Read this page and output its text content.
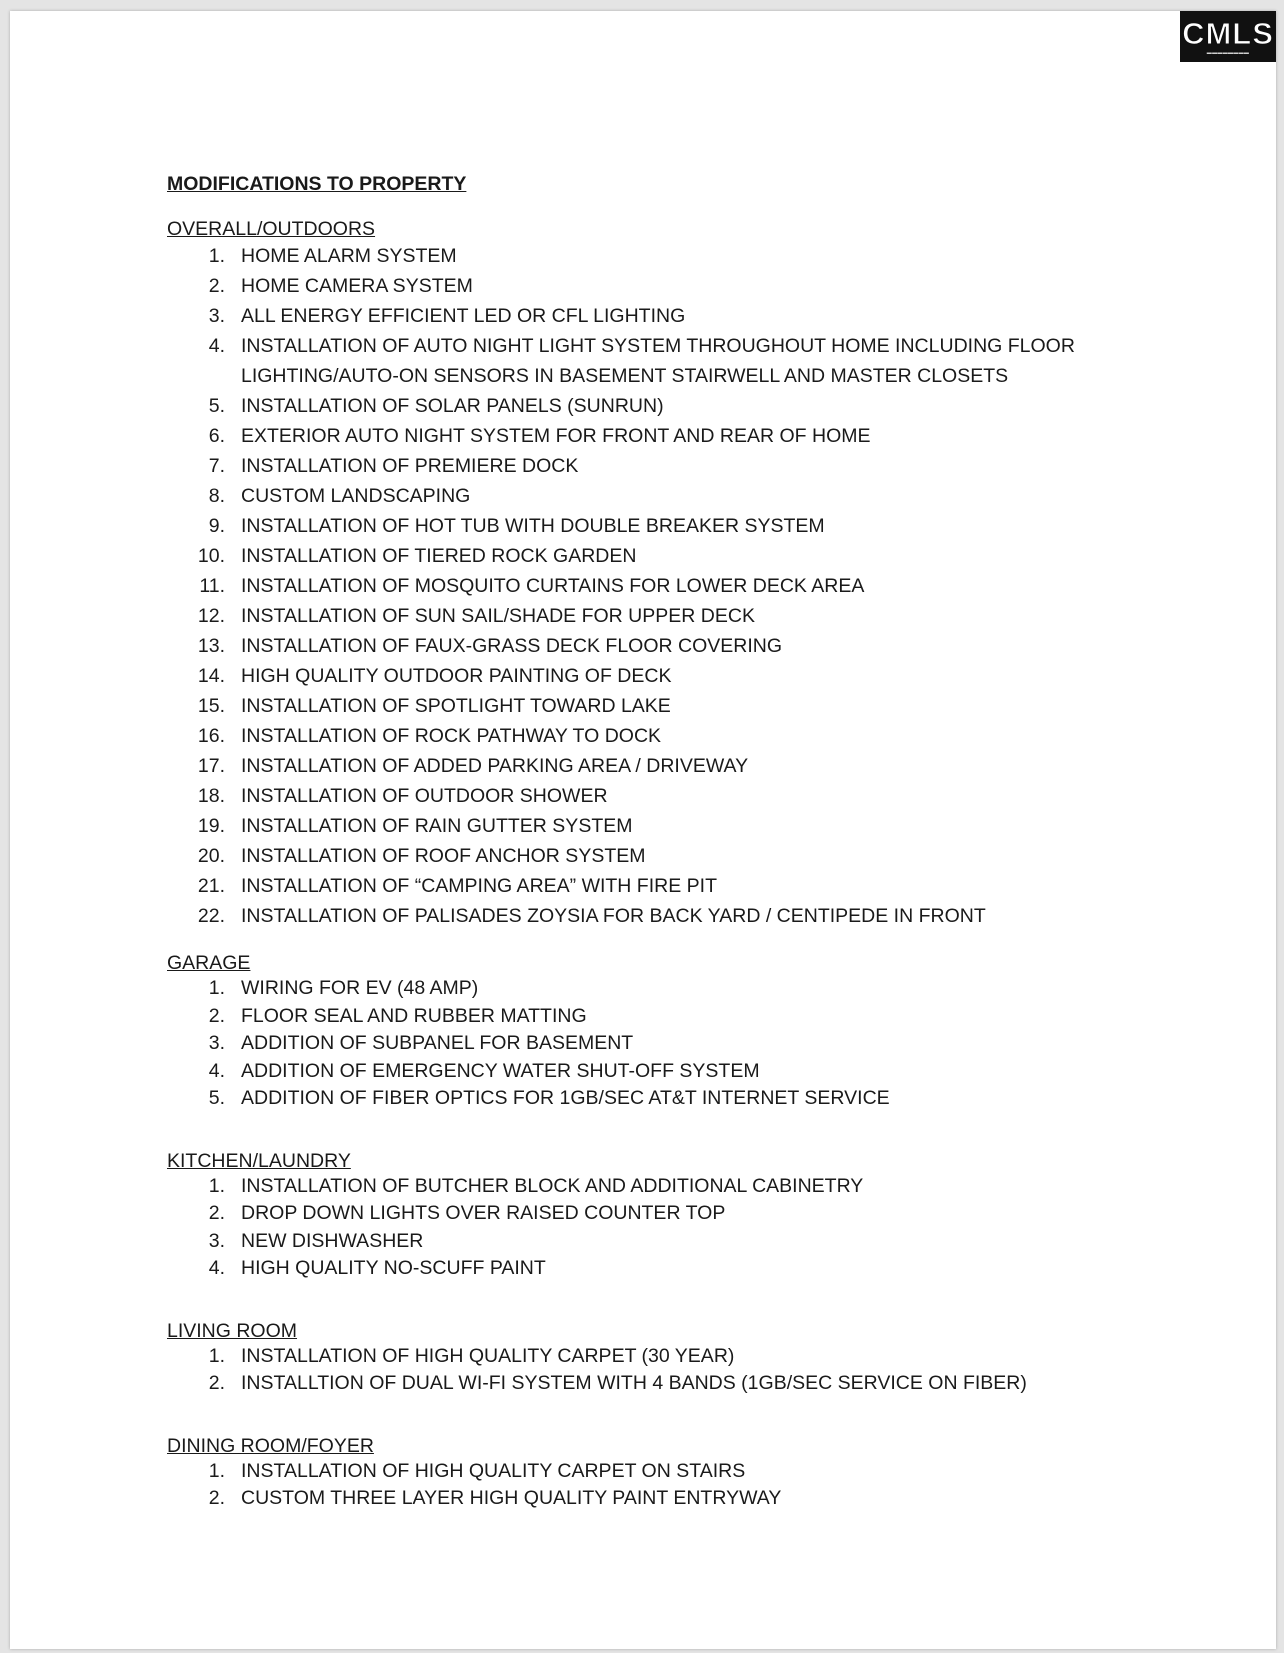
CMLS
▬▬▬▬▬▬▬▬
MODIFICATIONS TO PROPERTY
OVERALL/OUTDOORS
1. HOME ALARM SYSTEM
2. HOME CAMERA SYSTEM
3. ALL ENERGY EFFICIENT LED OR CFL LIGHTING
4. INSTALLATION OF AUTO NIGHT LIGHT SYSTEM THROUGHOUT HOME INCLUDING FLOOR LIGHTING/AUTO-ON SENSORS IN BASEMENT STAIRWELL AND MASTER CLOSETS
5. INSTALLATION OF SOLAR PANELS (SUNRUN)
6. EXTERIOR AUTO NIGHT SYSTEM FOR FRONT AND REAR OF HOME
7. INSTALLATION OF PREMIERE DOCK
8. CUSTOM LANDSCAPING
9. INSTALLATION OF HOT TUB WITH DOUBLE BREAKER SYSTEM
10. INSTALLATION OF TIERED ROCK GARDEN
11. INSTALLATION OF MOSQUITO CURTAINS FOR LOWER DECK AREA
12. INSTALLATION OF SUN SAIL/SHADE FOR UPPER DECK
13. INSTALLATION OF FAUX-GRASS DECK FLOOR COVERING
14. HIGH QUALITY OUTDOOR PAINTING OF DECK
15. INSTALLATION OF SPOTLIGHT TOWARD LAKE
16. INSTALLATION OF ROCK PATHWAY TO DOCK
17. INSTALLATION OF ADDED PARKING AREA / DRIVEWAY
18. INSTALLATION OF OUTDOOR SHOWER
19. INSTALLATION OF RAIN GUTTER SYSTEM
20. INSTALLATION OF ROOF ANCHOR SYSTEM
21. INSTALLATION OF “CAMPING AREA” WITH FIRE PIT
22. INSTALLATION OF PALISADES ZOYSIA FOR BACK YARD / CENTIPEDE IN FRONT
GARAGE
1. WIRING FOR EV (48 AMP)
2. FLOOR SEAL AND RUBBER MATTING
3. ADDITION OF SUBPANEL FOR BASEMENT
4. ADDITION OF EMERGENCY WATER SHUT-OFF SYSTEM
5. ADDITION OF FIBER OPTICS FOR 1GB/SEC AT&T INTERNET SERVICE
KITCHEN/LAUNDRY
1. INSTALLATION OF BUTCHER BLOCK AND ADDITIONAL CABINETRY
2. DROP DOWN LIGHTS OVER RAISED COUNTER TOP
3. NEW DISHWASHER
4. HIGH QUALITY NO-SCUFF PAINT
LIVING ROOM
1. INSTALLATION OF HIGH QUALITY CARPET (30 YEAR)
2. INSTALLTION OF DUAL WI-FI SYSTEM WITH 4 BANDS (1GB/SEC SERVICE ON FIBER)
DINING ROOM/FOYER
1. INSTALLATION OF HIGH QUALITY CARPET ON STAIRS
2. CUSTOM THREE LAYER HIGH QUALITY PAINT ENTRYWAY
